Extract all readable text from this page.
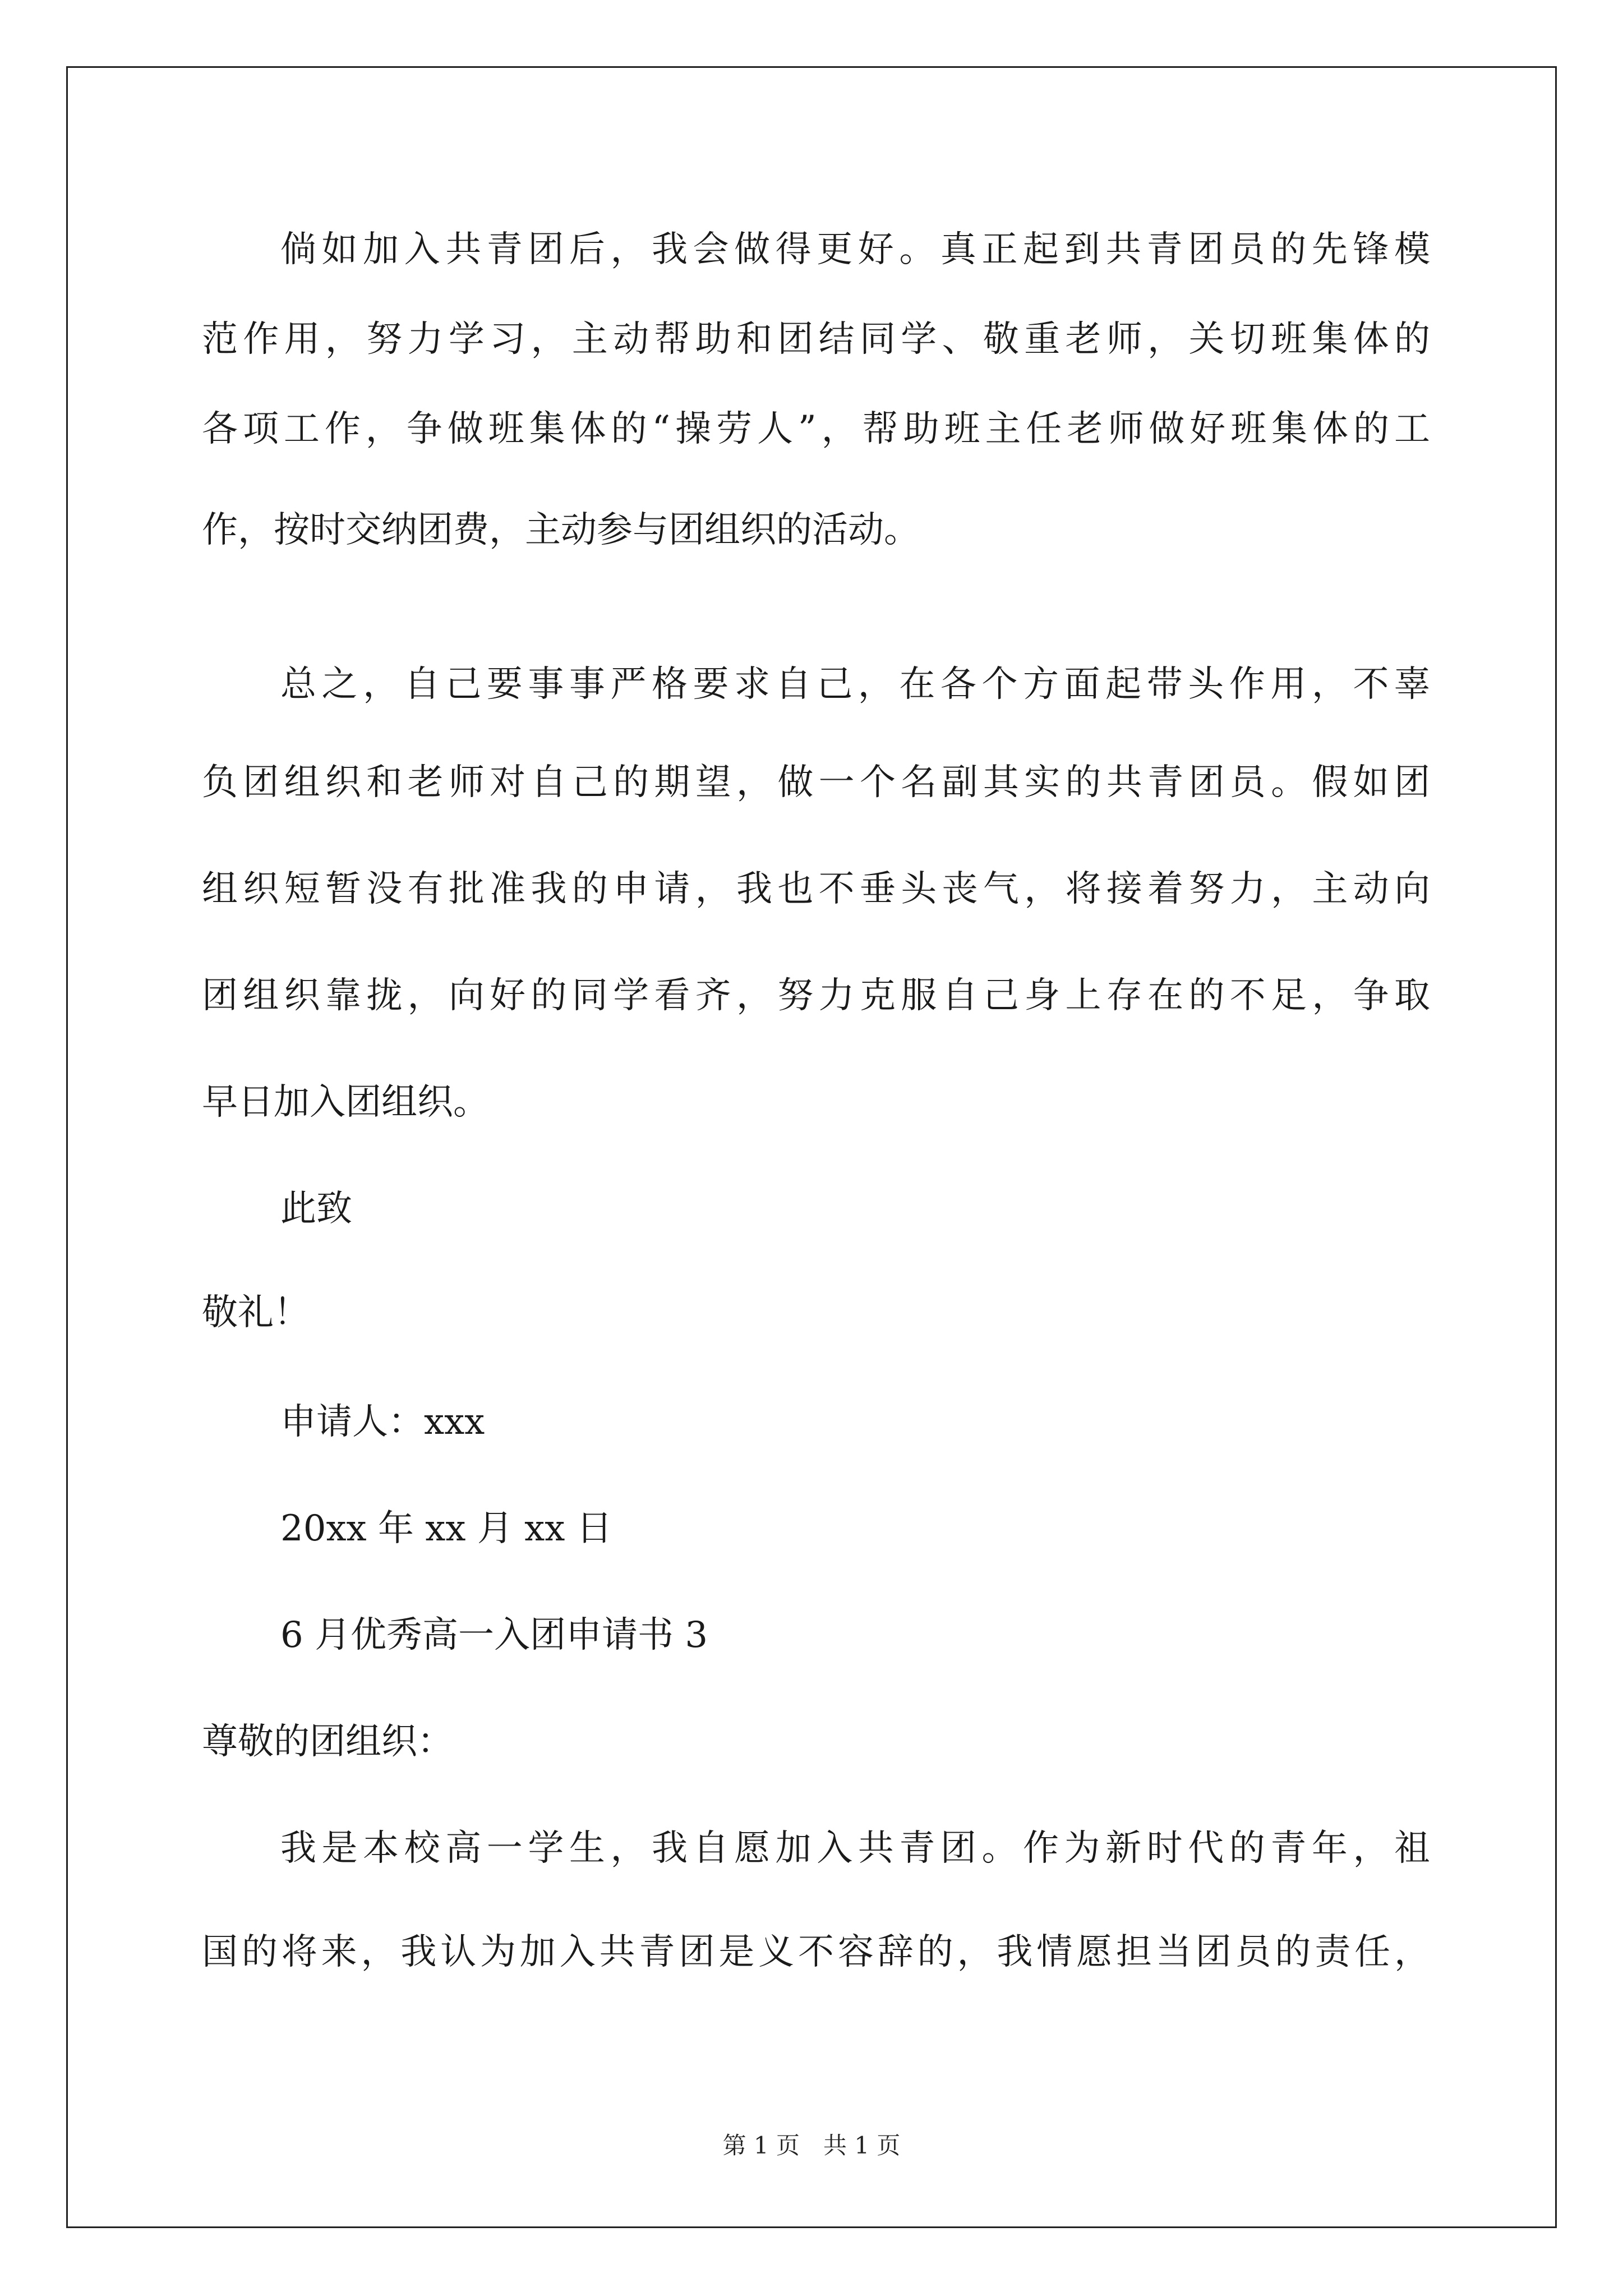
倘如加入共青团后，我会做得更好。真正起到共青团员的先锋模
范作用，努力学习，主动帮助和团结同学、敬重老师，关切班集体的
各项工作，争做班集体的“操劳人”，帮助班主任老师做好班集体的工
作，按时交纳团费，主动参与团组织的活动。
总之，自己要事事严格要求自己，在各个方面起带头作用，不辜
负团组织和老师对自己的期望，做一个名副其实的共青团员。假如团
组织短暂没有批准我的申请，我也不垂头丧气，将接着努力，主动向
团组织靠拢，向好的同学看齐，努力克服自己身上存在的不足，争取
早日加入团组织。
此致
敬礼！
申请人：xxx
20xx 年 xx 月 xx 日
6 月优秀高一入团申请书 3
尊敬的团组织：
我是本校高一学生，我自愿加入共青团。作为新时代的青年，祖
国的将来，我认为加入共青团是义不容辞的，我情愿担当团员的责任，
第 1 页　共 1 页
